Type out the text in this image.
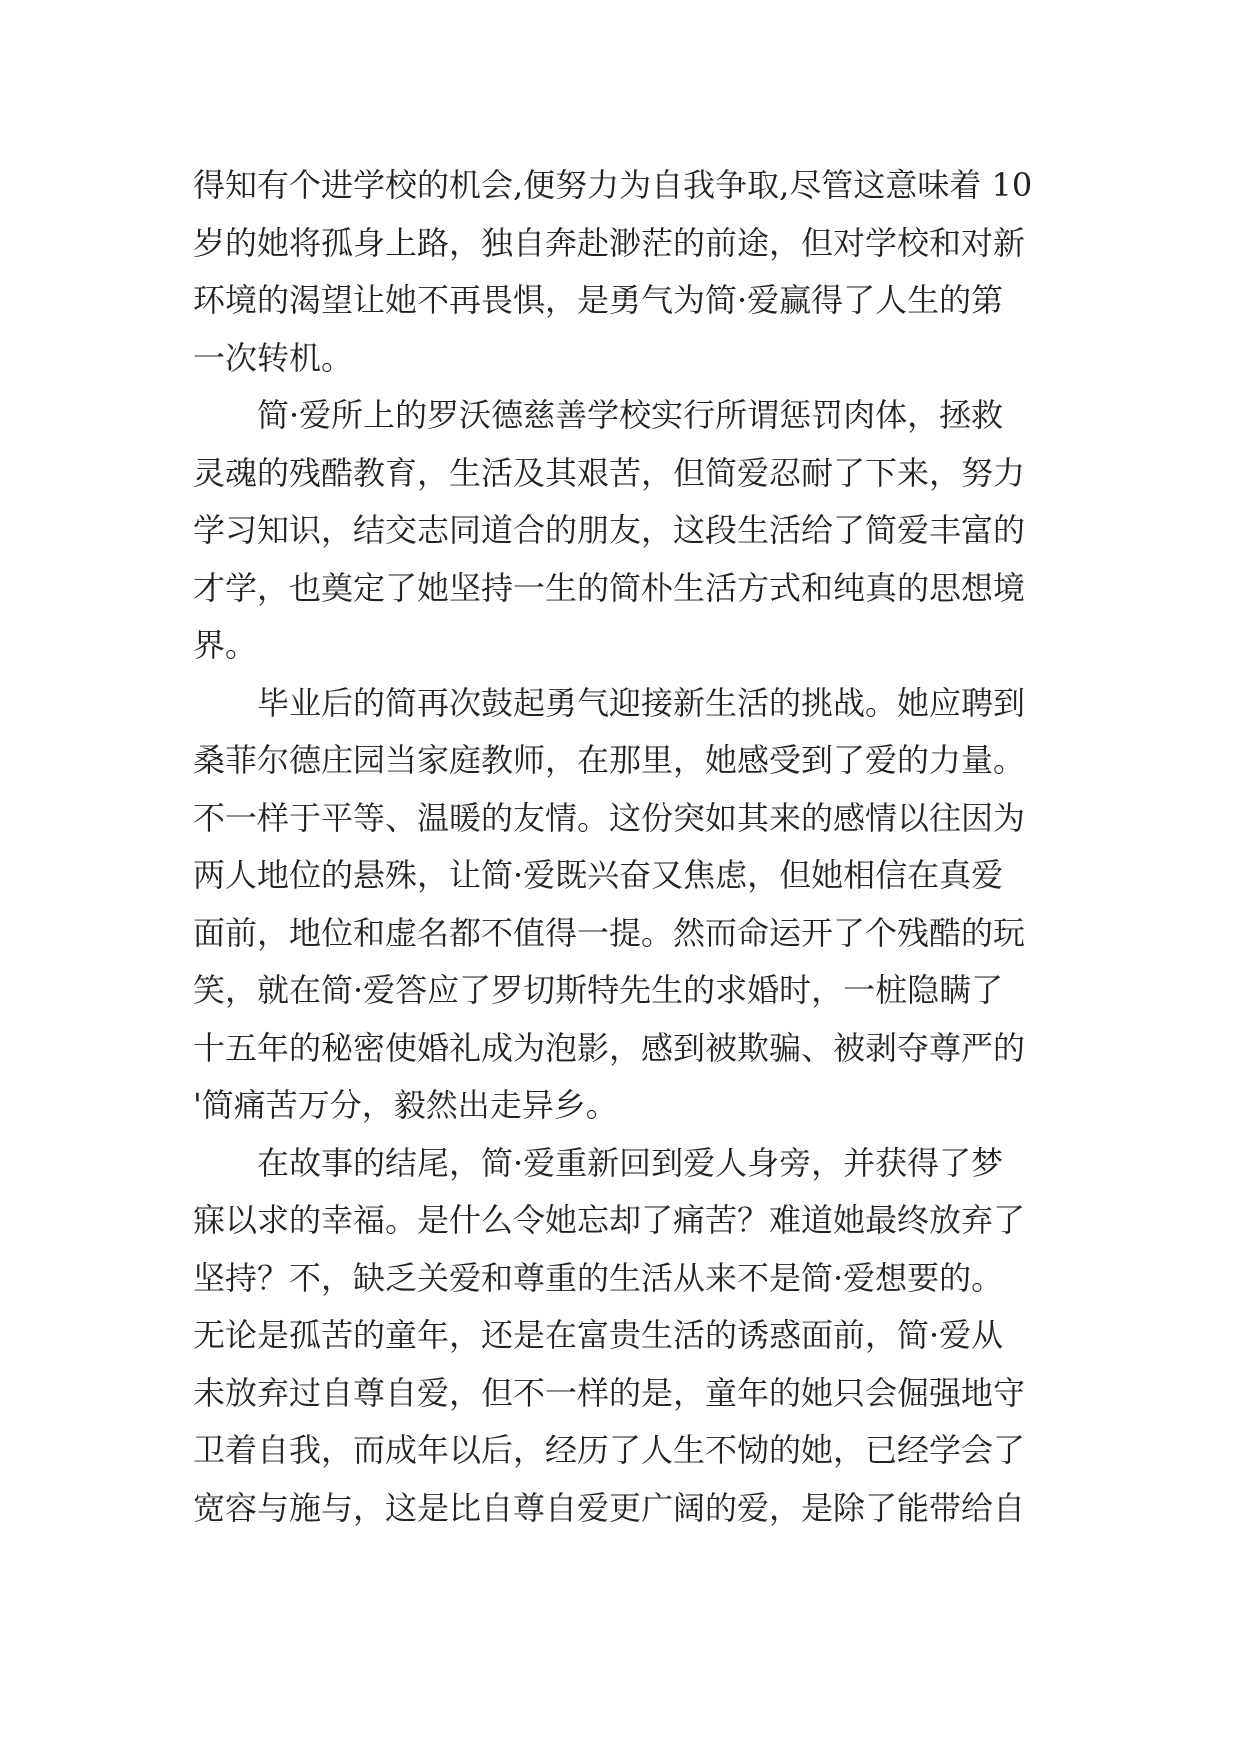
得知有个进学校的机会,便努力为自我争取,尽管这意味着 10
岁的她将孤身上路，独自奔赴渺茫的前途，但对学校和对新
环境的渴望让她不再畏惧，是勇气为简·爱赢得了人生的第
一次转机。
简·爱所上的罗沃德慈善学校实行所谓惩罚肉体，拯救
灵魂的残酷教育，生活及其艰苦，但简爱忍耐了下来，努力
学习知识，结交志同道合的朋友，这段生活给了简爱丰富的
才学，也奠定了她坚持一生的简朴生活方式和纯真的思想境
界。
毕业后的简再次鼓起勇气迎接新生活的挑战。她应聘到
桑菲尔德庄园当家庭教师，在那里，她感受到了爱的力量。
不一样于平等、温暖的友情。这份突如其来的感情以往因为
两人地位的悬殊，让简·爱既兴奋又焦虑，但她相信在真爱
面前，地位和虚名都不值得一提。然而命运开了个残酷的玩
笑，就在简·爱答应了罗切斯特先生的求婚时，一桩隐瞒了
十五年的秘密使婚礼成为泡影，感到被欺骗、被剥夺尊严的
'简痛苦万分，毅然出走异乡。
在故事的结尾，简·爱重新回到爱人身旁，并获得了梦
寐以求的幸福。是什么令她忘却了痛苦？难道她最终放弃了
坚持？不，缺乏关爱和尊重的生活从来不是简·爱想要的。
无论是孤苦的童年，还是在富贵生活的诱惑面前，简·爱从
未放弃过自尊自爱，但不一样的是，童年的她只会倔强地守
卫着自我，而成年以后，经历了人生不恸的她，已经学会了
宽容与施与，这是比自尊自爱更广阔的爱，是除了能带给自
